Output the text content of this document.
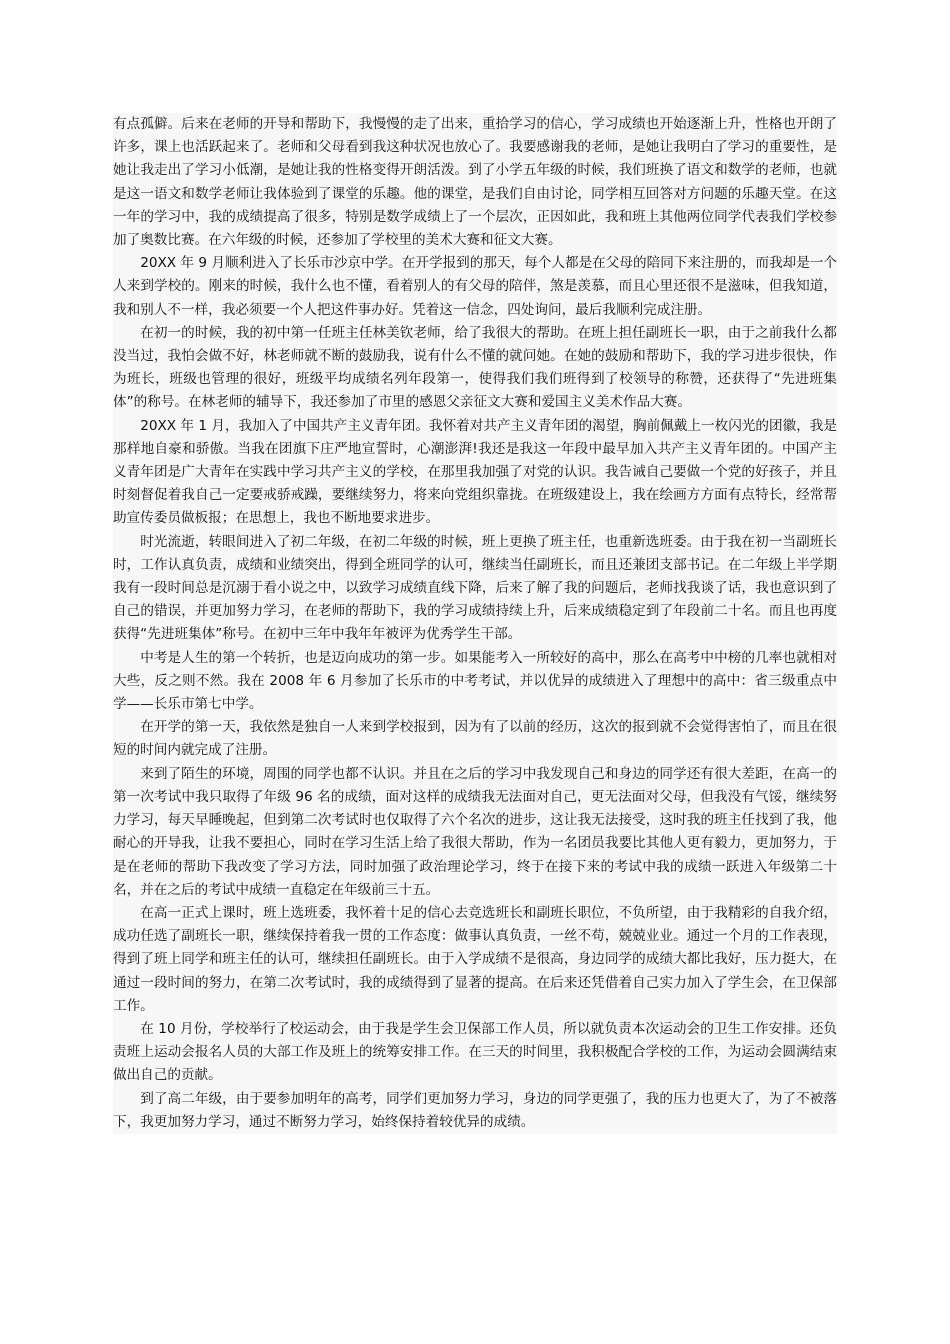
有点孤僻。后来在老师的开导和帮助下，我慢慢的走了出来，重拾学习的信心，学习成绩也开始逐渐上升，性格也开朗了许多，课上也活跃起来了。老师和父母看到我这种状况也放心了。我要感谢我的老师，是她让我明白了学习的重要性，是她让我走出了学习小低潮，是她让我的性格变得开朗活泼。到了小学五年级的时候，我们班换了语文和数学的老师，也就是这一语文和数学老师让我体验到了课堂的乐趣。他的课堂，是我们自由讨论，同学相互回答对方问题的乐趣天堂。在这一年的学习中，我的成绩提高了很多，特别是数学成绩上了一个层次，正因如此，我和班上其他两位同学代表我们学校参加了奥数比赛。在六年级的时候，还参加了学校里的美术大赛和征文大赛。

20XX 年 9 月顺利进入了长乐市沙京中学。在开学报到的那天，每个人都是在父母的陪同下来注册的，而我却是一个人来到学校的。刚来的时候，我什么也不懂，看着别人的有父母的陪伴，煞是羡慕，而且心里还很不是滋味，但我知道，我和别人不一样，我必须要一个人把这件事办好。凭着这一信念，四处询问，最后我顺利完成注册。

在初一的时候，我的初中第一任班主任林美钦老师，给了我很大的帮助。在班上担任副班长一职，由于之前我什么都没当过，我怕会做不好，林老师就不断的鼓励我，说有什么不懂的就问她。在她的鼓励和帮助下，我的学习进步很快，作为班长，班级也管理的很好，班级平均成绩名列年段第一，使得我们我们班得到了校领导的称赞，还获得了“先进班集体”的称号。在林老师的辅导下，我还参加了市里的感恩父亲征文大赛和爱国主义美术作品大赛。

20XX 年 1 月，我加入了中国共产主义青年团。我怀着对共产主义青年团的渴望，胸前佩戴上一枚闪光的团徽，我是那样地自豪和骄傲。当我在团旗下庄严地宣誓时，心潮澎湃!我还是我这一年段中最早加入共产主义青年团的。中国产主义青年团是广大青年在实践中学习共产主义的学校，在那里我加强了对党的认识。我告诫自己要做一个党的好孩子，并且时刻督促着我自己一定要戒骄戒躁，要继续努力，将来向党组织靠拢。在班级建设上，我在绘画方方面有点特长，经常帮助宣传委员做板报；在思想上，我也不断地要求进步。

时光流逝，转眼间进入了初二年级，在初二年级的时候，班上更换了班主任，也重新选班委。由于我在初一当副班长时，工作认真负责，成绩和业绩突出，得到全班同学的认可，继续当任副班长，而且还兼团支部书记。在二年级上半学期我有一段时间总是沉溺于看小说之中，以致学习成绩直线下降，后来了解了我的问题后，老师找我谈了话，我也意识到了自己的错误，并更加努力学习，在老师的帮助下，我的学习成绩持续上升，后来成绩稳定到了年段前二十名。而且也再度获得“先进班集体”称号。在初中三年中我年年被评为优秀学生干部。

中考是人生的第一个转折，也是迈向成功的第一步。如果能考入一所较好的高中，那么在高考中中榜的几率也就相对大些，反之则不然。我在 2008 年 6 月参加了长乐市的中考考试，并以优异的成绩进入了理想中的高中：省三级重点中学——长乐市第七中学。

在开学的第一天，我依然是独自一人来到学校报到，因为有了以前的经历，这次的报到就不会觉得害怕了，而且在很短的时间内就完成了注册。

来到了陌生的环境，周围的同学也都不认识。并且在之后的学习中我发现自己和身边的同学还有很大差距，在高一的第一次考试中我只取得了年级 96 名的成绩，面对这样的成绩我无法面对自己，更无法面对父母，但我没有气馁，继续努力学习，每天早睡晚起，但到第二次考试时也仅取得了六个名次的进步，这让我无法接受，这时我的班主任找到了我，他耐心的开导我，让我不要担心，同时在学习生活上给了我很大帮助，作为一名团员我要比其他人更有毅力，更加努力，于是在老师的帮助下我改变了学习方法，同时加强了政治理论学习，终于在接下来的考试中我的成绩一跃进入年级第二十名，并在之后的考试中成绩一直稳定在年级前三十五。

在高一正式上课时，班上选班委，我怀着十足的信心去竞选班长和副班长职位，不负所望，由于我精彩的自我介绍，成功任选了副班长一职，继续保持着我一贯的工作态度：做事认真负责，一丝不苟，兢兢业业。通过一个月的工作表现，得到了班上同学和班主任的认可，继续担任副班长。由于入学成绩不是很高，身边同学的成绩大都比我好，压力挺大，在通过一段时间的努力，在第二次考试时，我的成绩得到了显著的提高。在后来还凭借着自己实力加入了学生会，在卫保部工作。

在 10 月份，学校举行了校运动会，由于我是学生会卫保部工作人员，所以就负责本次运动会的卫生工作安排。还负责班上运动会报名人员的大部工作及班上的统筹安排工作。在三天的时间里，我积极配合学校的工作，为运动会圆满结束做出自己的贡献。

到了高二年级，由于要参加明年的高考，同学们更加努力学习，身边的同学更强了，我的压力也更大了，为了不被落下，我更加努力学习，通过不断努力学习，始终保持着较优异的成绩。
